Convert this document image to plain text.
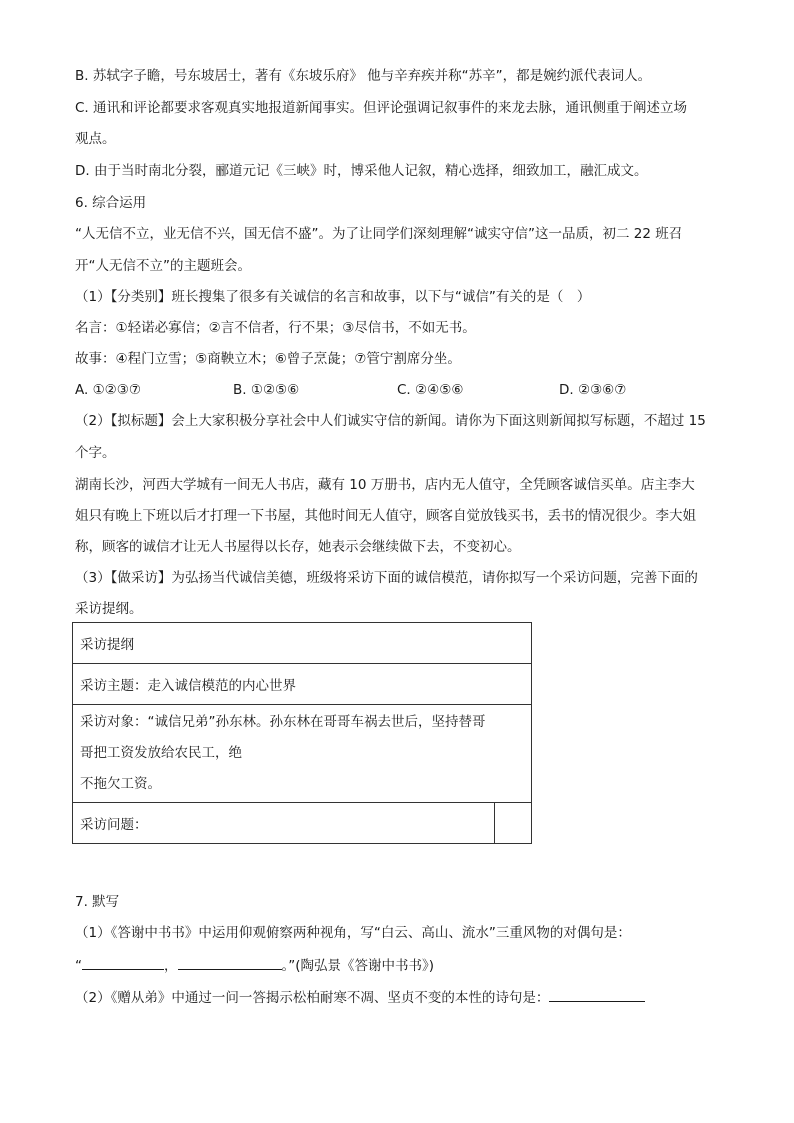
B. 苏轼字子瞻，号东坡居士，著有《东坡乐府》 他与辛弃疾并称“苏辛”，都是婉约派代表词人。
C. 通讯和评论都要求客观真实地报道新闻事实。但评论强调记叙事件的来龙去脉，通讯侧重于阐述立场
观点。
D. 由于当时南北分裂，郦道元记《三峡》时，博采他人记叙，精心选择，细致加工，融汇成文。
6. 综合运用
“人无信不立，业无信不兴，国无信不盛”。为了让同学们深刻理解“诚实守信”这一品质，初二 22 班召
开“人无信不立”的主题班会。
（1）【分类别】班长搜集了很多有关诚信的名言和故事，以下与“诚信”有关的是（　）
名言：①轻诺必寡信；②言不信者，行不果；③尽信书，不如无书。
故事：④程门立雪；⑤商鞅立木；⑥曾子烹彘；⑦管宁割席分坐。
A. ①②③⑦	B. ①②⑤⑥	C. ②④⑤⑥	D. ②③⑥⑦
（2）【拟标题】会上大家积极分享社会中人们诚实守信的新闻。请你为下面这则新闻拟写标题，不超过 15
个字。
湖南长沙，河西大学城有一间无人书店，藏有 10 万册书，店内无人值守，全凭顾客诚信买单。店主李大
姐只有晚上下班以后才打理一下书屋，其他时间无人值守，顾客自觉放钱买书，丢书的情况很少。李大姐
称，顾客的诚信才让无人书屋得以长存，她表示会继续做下去，不变初心。
（3）【做采访】为弘扬当代诚信美德，班级将采访下面的诚信模范，请你拟写一个采访问题，完善下面的
采访提纲。
采访提纲
采访主题：走入诚信模范的内心世界

采访对象：“诚信兄弟”孙东林。孙东林在哥哥车祸去世后，坚持替哥
哥把工资发放给农民工，绝
不拖欠工资。

采访问题：	
7. 默写
（1）《答谢中书书》中运用仰观俯察两种视角，写“白云、高山、流水”三重风物的对偶句是：
“	，	。”(陶弘景《答谢中书书》)
（2）《赠从弟》中通过一问一答揭示松柏耐寒不凋、坚贞不变的本性的诗句是：
